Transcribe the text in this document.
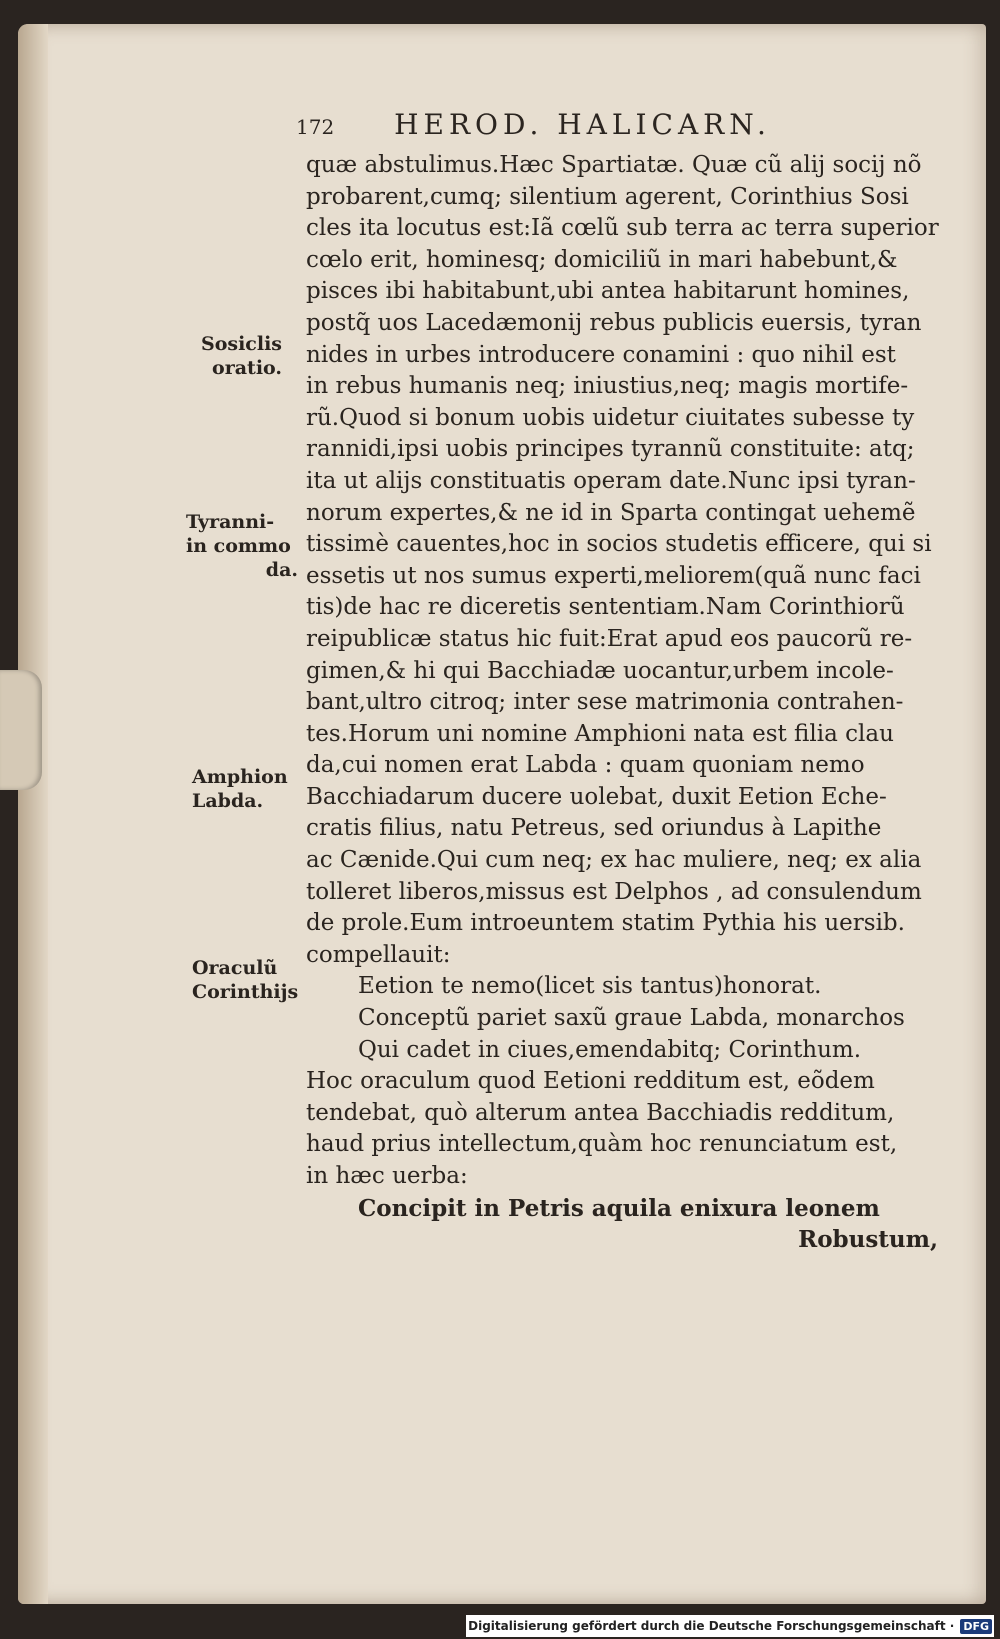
172 HEROD. HALICARN.
quæ abstulimus.Hæc Spartiatæ. Quæ cũ alij socij nõ
probarent,cumq; silentium agerent, Corinthius Sosi
cles ita locutus est:Iã cœlũ sub terra ac terra superior
cœlo erit, hominesq; domiciliũ in mari habebunt,&
pisces ibi habitabunt,ubi antea habitarunt homines,
postq̃ uos Lacedæmonij rebus publicis euersis, tyran
nides in urbes introducere conamini : quo nihil est
in rebus humanis neq; iniustius,neq; magis mortife-
rũ.Quod si bonum uobis uidetur ciuitates subesse ty
rannidi,ipsi uobis principes tyrannũ constituite: atq;
ita ut alijs constituatis operam date.Nunc ipsi tyran-
norum expertes,& ne id in Sparta contingat uehemẽ
tissimè cauentes,hoc in socios studetis efficere, qui si
essetis ut nos sumus experti,meliorem(quã nunc faci
tis)de hac re diceretis sententiam.Nam Corinthiorũ
reipublicæ status hic fuit:Erat apud eos paucorũ re-
gimen,& hi qui Bacchiadæ uocantur,urbem incole-
bant,ultro citroq; inter sese matrimonia contrahen-
tes.Horum uni nomine Amphioni nata est filia clau
da,cui nomen erat Labda : quam quoniam nemo
Bacchiadarum ducere uolebat, duxit Eetion Eche-
cratis filius, natu Petreus, sed oriundus à Lapithe
ac Cænide.Qui cum neq; ex hac muliere, neq; ex alia
tolleret liberos,missus est Delphos , ad consulendum
de prole.Eum introeuntem statim Pythia his uersib.
compellauit:
Eetion te nemo(licet sis tantus)honorat.
Conceptũ pariet saxũ graue Labda, monarchos
Qui cadet in ciues,emendabitq; Corinthum.
Hoc oraculum quod Eetioni redditum est, eõdem
tendebat, quò alterum antea Bacchiadis redditum,
haud prius intellectum,quàm hoc renunciatum est,
in hæc uerba:
Concipit in Petris aquila enixura leonem
Robustum,
Sosiclis
oratio.
Tyranni-
in commo
da.
Amphion
Labda.
Oraculũ
Corinthijs
Digitalisierung gefördert durch die Deutsche Forschungsgemeinschaft · DFG
